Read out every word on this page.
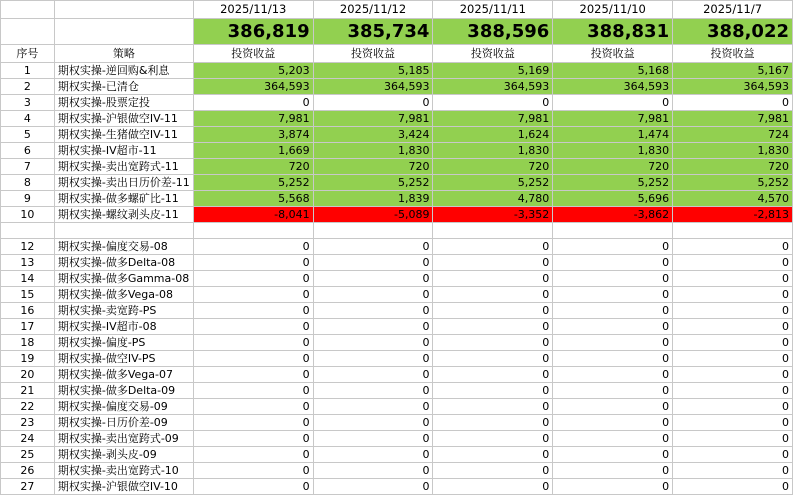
		2025/11/13	2025/11/12	2025/11/11	2025/11/10	2025/11/7
		386,819	385,734	388,596	388,831	388,022
序号	策略	投资收益	投资收益	投资收益	投资收益	投资收益
1	期权实操-逆回购&利息	5,203	5,185	5,169	5,168	5,167
2	期权实操-已清仓	364,593	364,593	364,593	364,593	364,593
3	期权实操-股票定投	0	0	0	0	0
4	期权实操-沪银做空IV-11	7,981	7,981	7,981	7,981	7,981
5	期权实操-生猪做空IV-11	3,874	3,424	1,624	1,474	724
6	期权实操-IV超市-11	1,669	1,830	1,830	1,830	1,830
7	期权实操-卖出宽跨式-11	720	720	720	720	720
8	期权实操-卖出日历价差-11	5,252	5,252	5,252	5,252	5,252
9	期权实操-做多螺矿比-11	5,568	1,839	4,780	5,696	4,570
10	期权实操-螺纹剥头皮-11	-8,041	-5,089	-3,352	-3,862	-2,813

12	期权实操-偏度交易-08	0	0	0	0	0
13	期权实操-做多Delta-08	0	0	0	0	0
14	期权实操-做多Gamma-08	0	0	0	0	0
15	期权实操-做多Vega-08	0	0	0	0	0
16	期权实操-卖宽跨-PS	0	0	0	0	0
17	期权实操-IV超市-08	0	0	0	0	0
18	期权实操-偏度-PS	0	0	0	0	0
19	期权实操-做空IV-PS	0	0	0	0	0
20	期权实操-做多Vega-07	0	0	0	0	0
21	期权实操-做多Delta-09	0	0	0	0	0
22	期权实操-偏度交易-09	0	0	0	0	0
23	期权实操-日历价差-09	0	0	0	0	0
24	期权实操-卖出宽跨式-09	0	0	0	0	0
25	期权实操-剥头皮-09	0	0	0	0	0
26	期权实操-卖出宽跨式-10	0	0	0	0	0
27	期权实操-沪银做空IV-10	0	0	0	0	0
